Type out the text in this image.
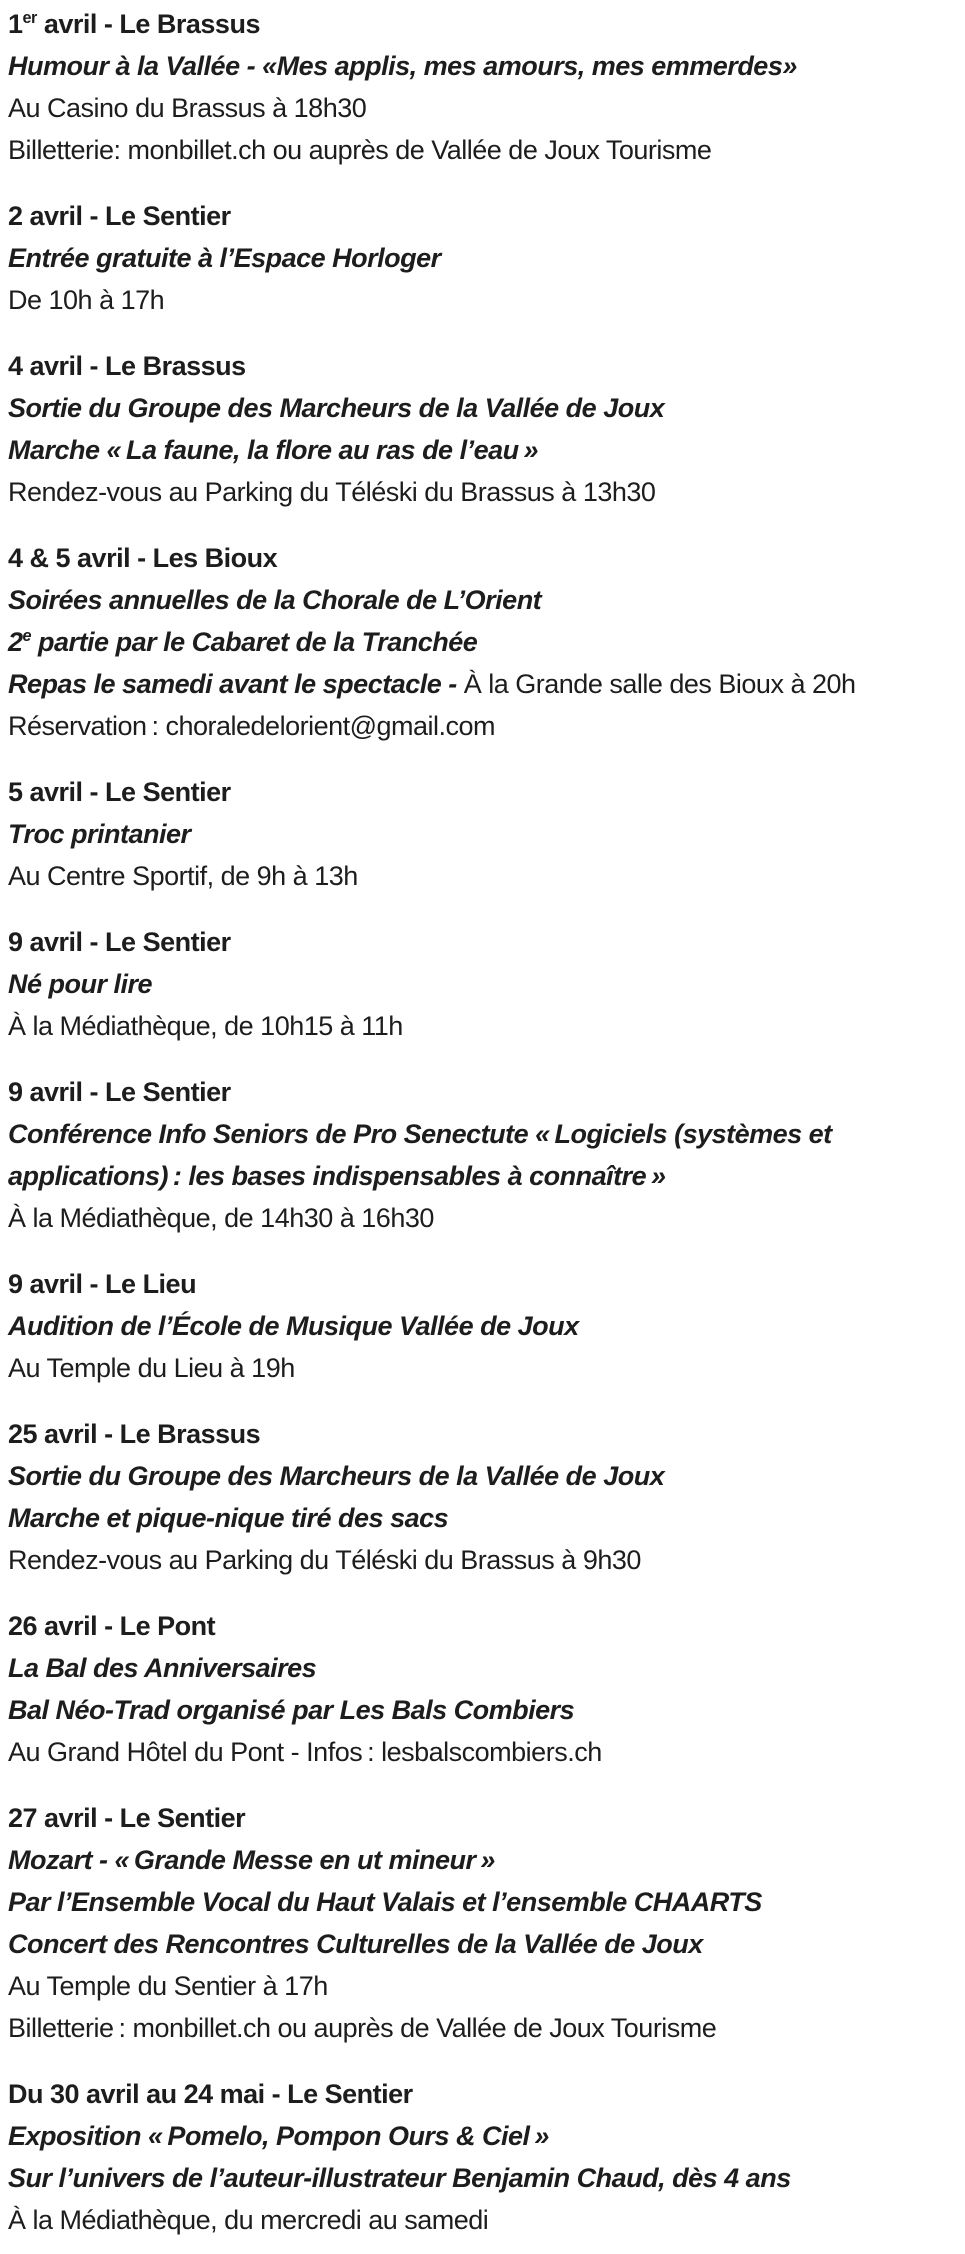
1er avril - Le Brassus
Humour à la Vallée - «Mes applis, mes amours, mes emmerdes»
Au Casino du Brassus à 18h30
Billetterie: monbillet.ch ou auprès de Vallée de Joux Tourisme
2 avril - Le Sentier
Entrée gratuite à l’Espace Horloger
De 10h à 17h
4 avril - Le Brassus
Sortie du Groupe des Marcheurs de la Vallée de Joux
Marche « La faune, la flore au ras de l’eau »
Rendez-vous au Parking du Téléski du Brassus à 13h30
4 & 5 avril - Les Bioux
Soirées annuelles de la Chorale de L’Orient
2e partie par le Cabaret de la Tranchée
Repas le samedi avant le spectacle - À la Grande salle des Bioux à 20h
Réservation : choraledelorient@gmail.com
5 avril - Le Sentier
Troc printanier
Au Centre Sportif, de 9h à 13h
9 avril - Le Sentier
Né pour lire
À la Médiathèque, de 10h15 à 11h
9 avril - Le Sentier
Conférence Info Seniors de Pro Senectute « Logiciels (systèmes et
applications) : les bases indispensables à connaître »
À la Médiathèque, de 14h30 à 16h30
9 avril - Le Lieu
Audition de l’École de Musique Vallée de Joux
Au Temple du Lieu à 19h
25 avril - Le Brassus
Sortie du Groupe des Marcheurs de la Vallée de Joux
Marche et pique-nique tiré des sacs
Rendez-vous au Parking du Téléski du Brassus à 9h30
26 avril - Le Pont
La Bal des Anniversaires
Bal Néo-Trad organisé par Les Bals Combiers
Au Grand Hôtel du Pont - Infos : lesbalscombiers.ch
27 avril - Le Sentier
Mozart - « Grande Messe en ut mineur »
Par l’Ensemble Vocal du Haut Valais et l’ensemble CHAARTS
Concert des Rencontres Culturelles de la Vallée de Joux
Au Temple du Sentier à 17h
Billetterie : monbillet.ch ou auprès de Vallée de Joux Tourisme
Du 30 avril au 24 mai - Le Sentier
Exposition « Pomelo, Pompon Ours & Ciel »
Sur l’univers de l’auteur-illustrateur Benjamin Chaud, dès 4 ans
À la Médiathèque, du mercredi au samedi
